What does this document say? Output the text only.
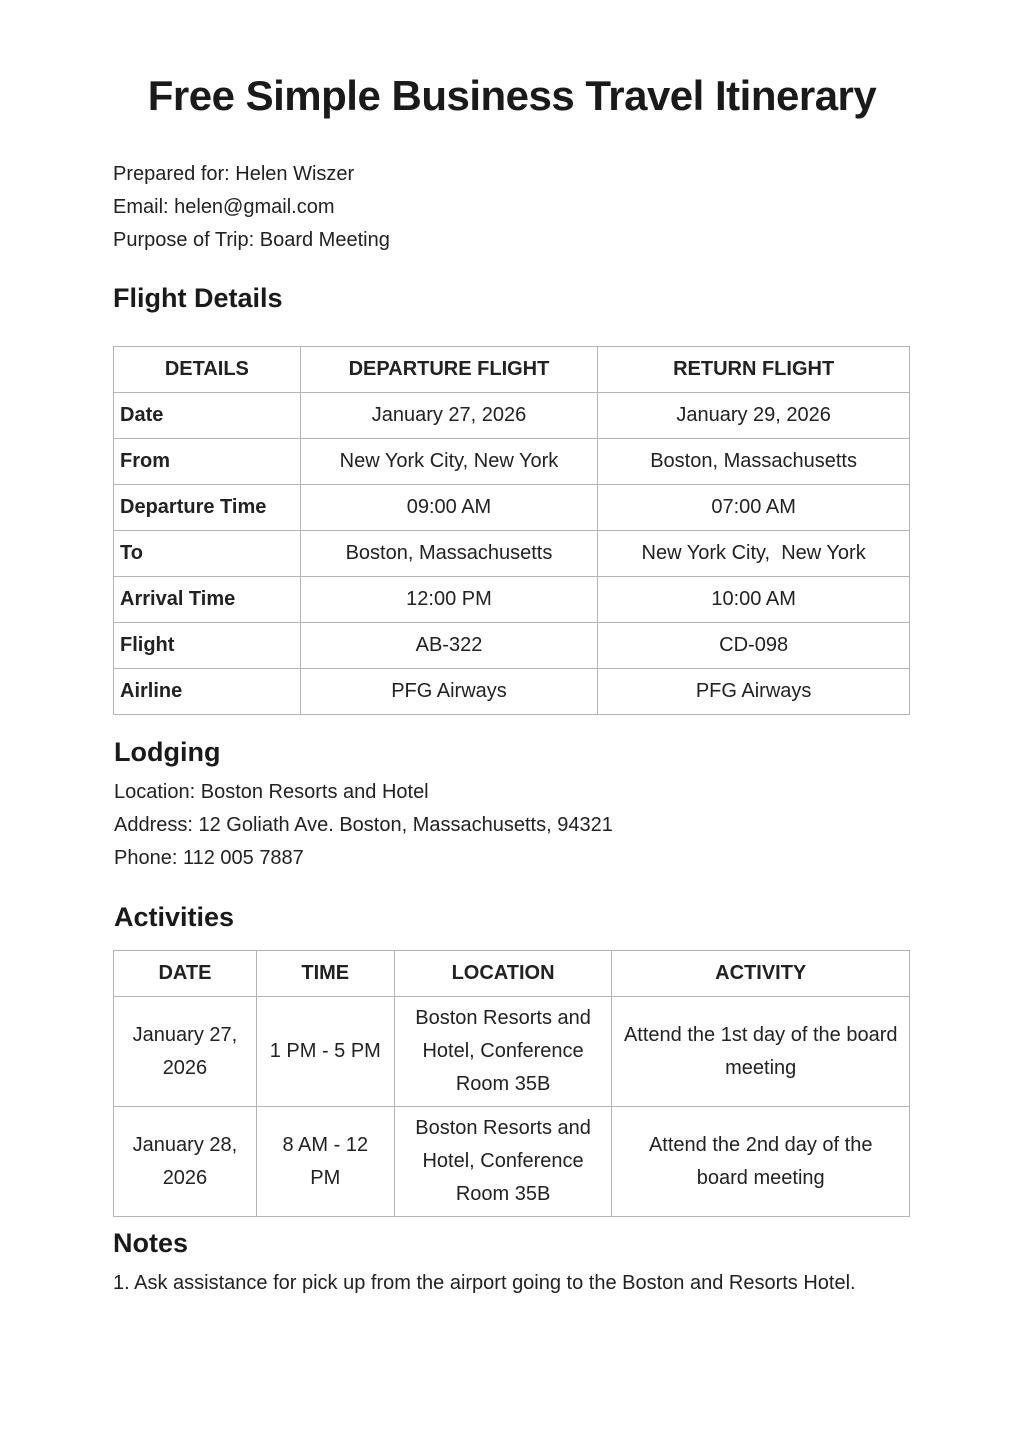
Free Simple Business Travel Itinerary
Prepared for: Helen Wiszer
Email: helen@gmail.com
Purpose of Trip: Board Meeting
Flight Details
DETAILS	DEPARTURE FLIGHT	RETURN FLIGHT
Date	January 27, 2026	January 29, 2026
From	New York City, New York	Boston, Massachusetts
Departure Time	09:00 AM	07:00 AM
To	Boston, Massachusetts	New York City,  New York
Arrival Time	12:00 PM	10:00 AM
Flight	AB-322	CD-098
Airline	PFG Airways	PFG Airways
Lodging
Location: Boston Resorts and Hotel
Address: 12 Goliath Ave. Boston, Massachusetts, 94321
Phone: 112 005 7887
Activities
DATE	TIME	LOCATION	ACTIVITY
January 27, 2026	1 PM - 5 PM	Boston Resorts and Hotel, Conference Room 35B	Attend the 1st day of the board meeting
January 28, 2026	8 AM - 12 PM	Boston Resorts and Hotel, Conference Room 35B	Attend the 2nd day of the board meeting
Notes
1. Ask assistance for pick up from the airport going to the Boston and Resorts Hotel.
